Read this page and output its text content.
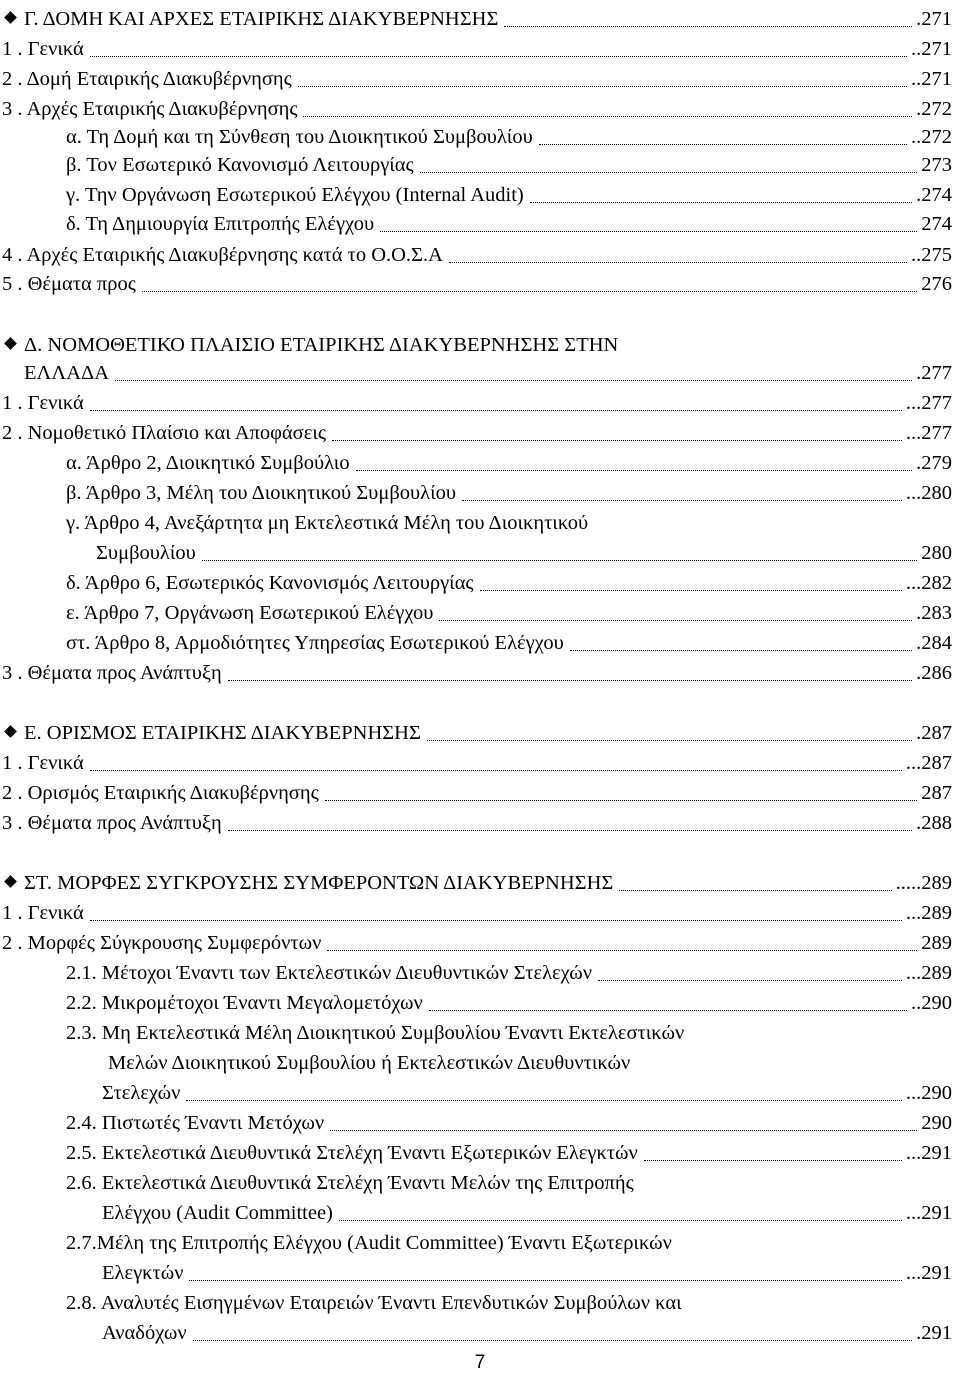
Γ. ΔΟΜΗ ΚΑΙ ΑΡΧΕΣ ΕΤΑΙΡΙΚΗΣ ΔΙΑΚΥΒΕΡΝΗΣΗΣ	.271
1 . Γενικά	..271
2 . Δομή Εταιρικής Διακυβέρνησης	..271
3 . Αρχές Εταιρικής Διακυβέρνησης	.272
α. Τη Δομή και τη Σύνθεση του Διοικητικού Συμβουλίου	..272
β. Τον Εσωτερικό Κανονισμό Λειτουργίας	273
γ. Την Οργάνωση Εσωτερικού Ελέγχου (Internal Audit)	.274
δ. Τη Δημιουργία Επιτροπής Ελέγχου	274
4 . Αρχές Εταιρικής Διακυβέρνησης κατά το Ο.Ο.Σ.Α	..275
5 . Θέματα προς	276
Δ. ΝΟΜΟΘΕΤΙΚΟ ΠΛΑΙΣΙΟ ΕΤΑΙΡΙΚΗΣ ΔΙΑΚΥΒΕΡΝΗΣΗΣ ΣΤΗΝ
ΕΛΛΑΔΑ	.277
1 . Γενικά	...277
2 . Νομοθετικό Πλαίσιο και Αποφάσεις	...277
α. Άρθρο 2, Διοικητικό Συμβούλιο	.279
β. Άρθρο 3, Μέλη του Διοικητικού Συμβουλίου	...280
γ. Άρθρο 4, Ανεξάρτητα μη Εκτελεστικά Μέλη του Διοικητικού
Συμβουλίου	280
δ. Άρθρο 6, Εσωτερικός Κανονισμός Λειτουργίας	...282
ε. Άρθρο 7, Οργάνωση Εσωτερικού Ελέγχου	.283
στ. Άρθρο 8, Αρμοδιότητες Υπηρεσίας Εσωτερικού Ελέγχου	.284
3 . Θέματα προς Ανάπτυξη	.286
Ε. ΟΡΙΣΜΟΣ ΕΤΑΙΡΙΚΗΣ ΔΙΑΚΥΒΕΡΝΗΣΗΣ	.287
1 . Γενικά	...287
2 . Ορισμός Εταιρικής Διακυβέρνησης	287
3 . Θέματα προς Ανάπτυξη	.288
ΣΤ. ΜΟΡΦΕΣ ΣΥΓΚΡΟΥΣΗΣ ΣΥΜΦΕΡΟΝΤΩΝ ΔΙΑΚΥΒΕΡΝΗΣΗΣ	.....289
1 . Γενικά	...289
2 . Μορφές Σύγκρουσης Συμφερόντων	289
2.1. Μέτοχοι Έναντι των Εκτελεστικών Διευθυντικών Στελεχών	...289
2.2. Μικρομέτοχοι Έναντι Μεγαλομετόχων	..290
2.3. Μη Εκτελεστικά Μέλη Διοικητικού Συμβουλίου Έναντι Εκτελεστικών
Μελών Διοικητικού Συμβουλίου ή Εκτελεστικών Διευθυντικών
Στελεχών	...290
2.4. Πιστωτές Έναντι Μετόχων	290
2.5. Εκτελεστικά Διευθυντικά Στελέχη Έναντι Εξωτερικών Ελεγκτών	...291
2.6. Εκτελεστικά Διευθυντικά Στελέχη Έναντι Μελών της Επιτροπής
Ελέγχου (Audit Committee)	...291
2.7.Μέλη της Επιτροπής Ελέγχου (Audit Committee) Έναντι Εξωτερικών
Ελεγκτών	...291
2.8. Αναλυτές Εισηγμένων Εταιρειών Έναντι Επενδυτικών Συμβούλων και
Αναδόχων	.291
7
